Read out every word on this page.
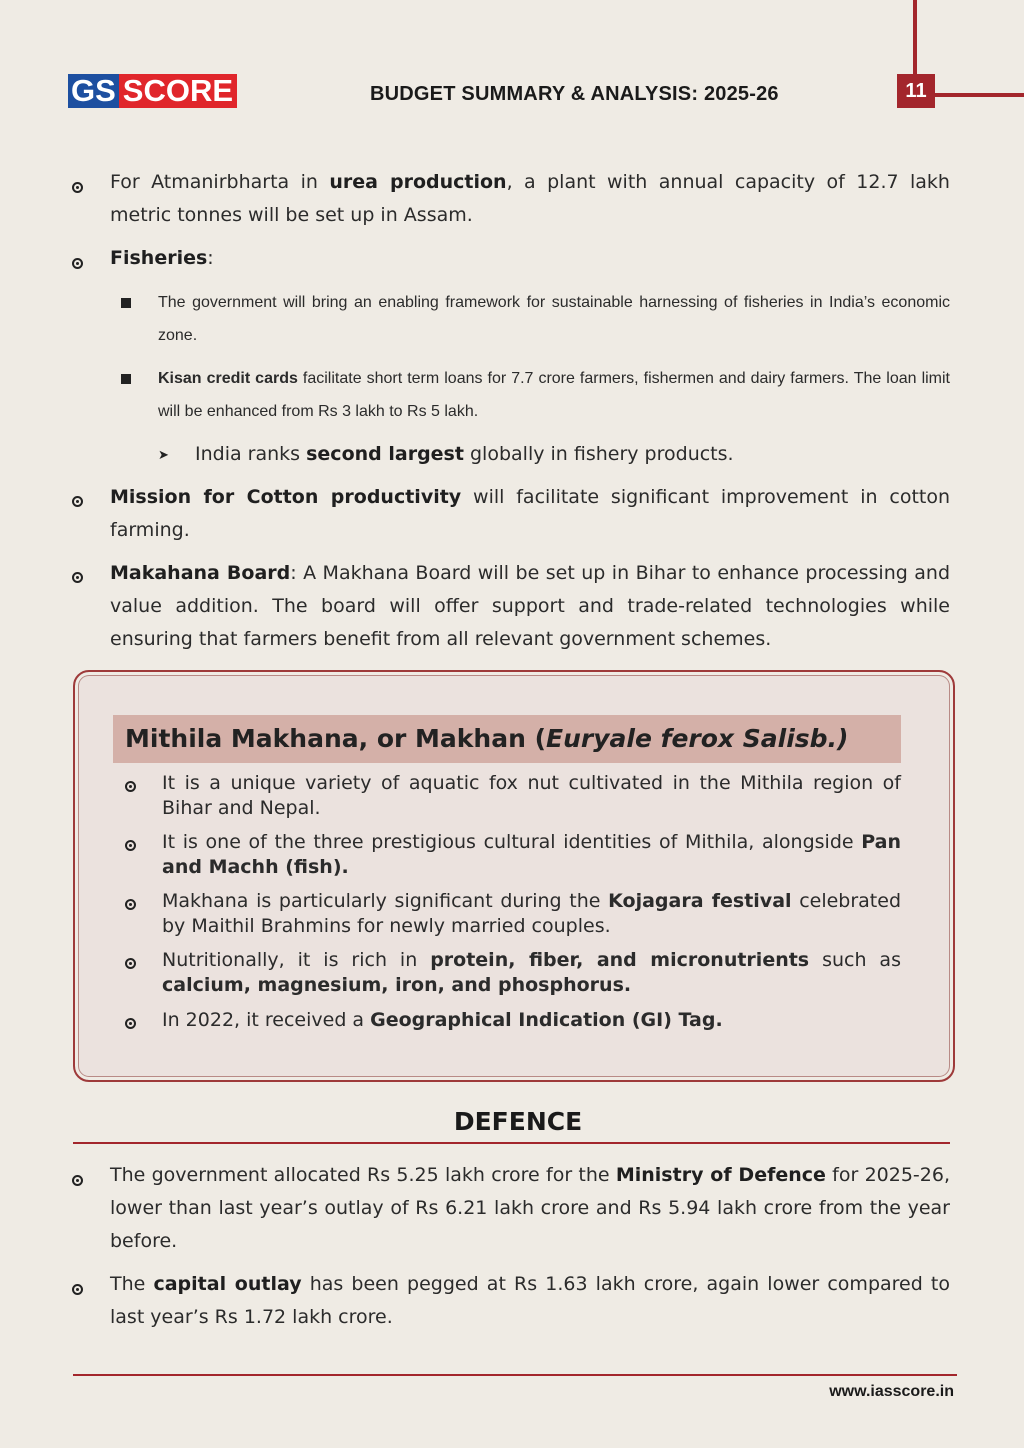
GS SCORE	BUDGET SUMMARY & ANALYSIS: 2025-26	11
For Atmanirbharta in urea production, a plant with annual capacity of 12.7 lakh metric tonnes will be set up in Assam.
Fisheries:
The government will bring an enabling framework for sustainable harnessing of fisheries in India’s economic zone.
Kisan credit cards facilitate short term loans for 7.7 crore farmers, fishermen and dairy farmers. The loan limit will be enhanced from Rs 3 lakh to Rs 5 lakh.
➤ India ranks second largest globally in fishery products.
Mission for Cotton productivity will facilitate significant improvement in cotton farming.
Makahana Board: A Makhana Board will be set up in Bihar to enhance processing and value addition. The board will offer support and trade-related technologies while ensuring that farmers benefit from all relevant government schemes.
Mithila Makhana, or Makhan (Euryale ferox Salisb.)
It is a unique variety of aquatic fox nut cultivated in the Mithila region of Bihar and Nepal.
It is one of the three prestigious cultural identities of Mithila, alongside Pan and Machh (fish).
Makhana is particularly significant during the Kojagara festival celebrated by Maithil Brahmins for newly married couples.
Nutritionally, it is rich in protein, fiber, and micronutrients such as calcium, magnesium, iron, and phosphorus.
In 2022, it received a Geographical Indication (GI) Tag.
DEFENCE
The government allocated Rs 5.25 lakh crore for the Ministry of Defence for 2025-26, lower than last year’s outlay of Rs 6.21 lakh crore and Rs 5.94 lakh crore from the year before.
The capital outlay has been pegged at Rs 1.63 lakh crore, again lower compared to last year’s Rs 1.72 lakh crore.
www.iasscore.in
